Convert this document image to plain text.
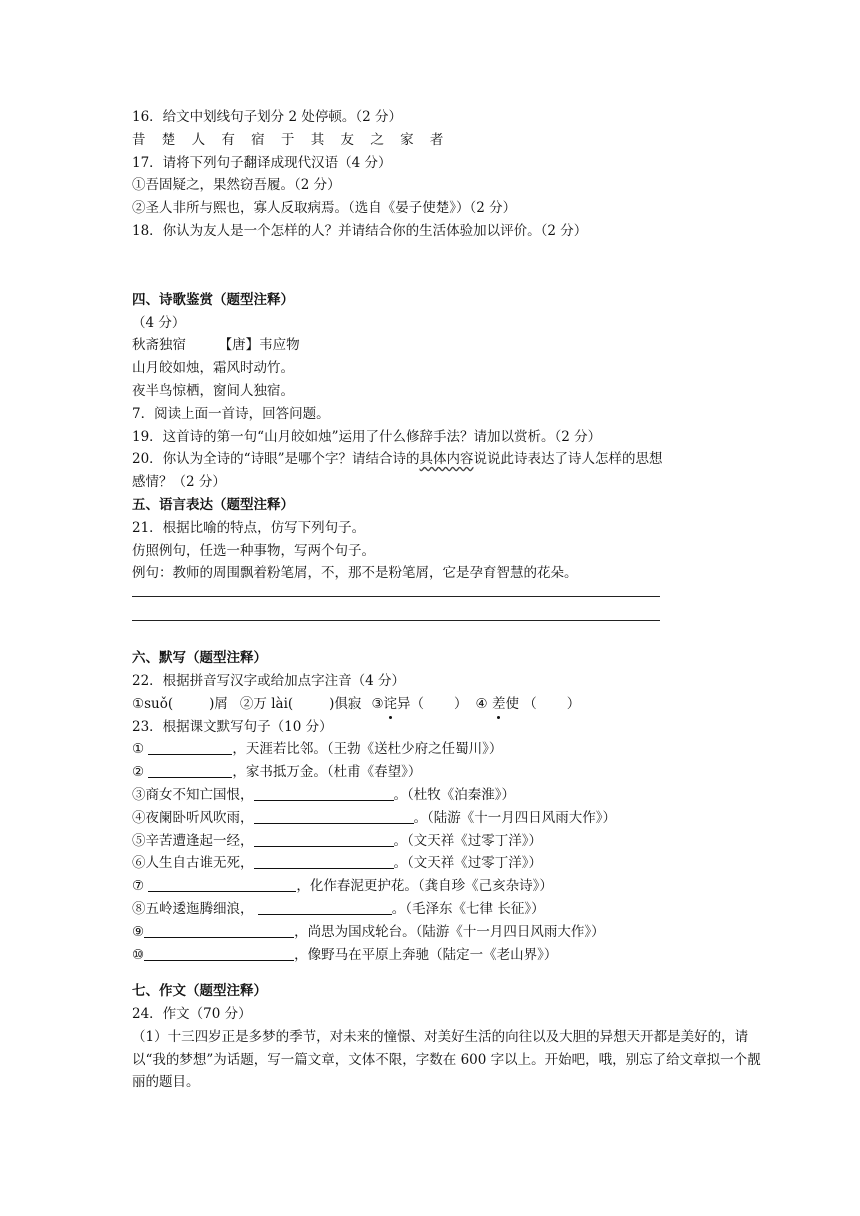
16．给文中划线句子划分 2 处停顿。（2 分）
昔 楚 人 有 宿 于 其 友 之 家 者
17．请将下列句子翻译成现代汉语（4 分）
①吾固疑之，果然窃吾履。（2 分）
②圣人非所与熙也，寡人反取病焉。（选自《晏子使楚》）（2 分）
18．你认为友人是一个怎样的人？并请结合你的生活体验加以评价。（2 分）
四、诗歌鉴赏（题型注释）
（4 分）
秋斋独宿 【唐】韦应物
山月皎如烛，霜风时动竹。
夜半鸟惊栖，窗间人独宿。
7．阅读上面一首诗，回答问题。
19．这首诗的第一句“山月皎如烛”运用了什么修辞手法？请加以赏析。（2 分）
20．你认为全诗的“诗眼”是哪个字？请结合诗的具体内容说说此诗表达了诗人怎样的思想
感情？（2 分）
五、语言表达（题型注释）
21．根据比喻的特点，仿写下列句子。
仿照例句，任选一种事物，写两个句子。
例句：教师的周围飘着粉笔屑，不，那不是粉笔屑，它是孕育智慧的花朵。
六、默写（题型注释）
22．根据拼音写汉字或给加点字注音（4 分）
①suǒ(	)屑 ②万 lài(	)俱寂 ③诧异（ ） ④ 差使 （ ）
23．根据课文默写句子（10 分）
①	，天涯若比邻。（王勃《送杜少府之任蜀川》）
②	，家书抵万金。（杜甫《春望》）
③商女不知亡国恨，	。（杜牧《泊秦淮》）
④夜阑卧听风吹雨，	。（陆游《十一月四日风雨大作》）
⑤辛苦遭逢起一经，	。（文天祥《过零丁洋》）
⑥人生自古谁无死，	。（文天祥《过零丁洋》）
⑦	，化作春泥更护花。（龚自珍《己亥杂诗》）
⑧五岭逶迤腾细浪，	。（毛泽东《七律 长征》）
⑨	，尚思为国戍轮台。（陆游《十一月四日风雨大作》）
⑩	，像野马在平原上奔驰（陆定一《老山界》）
七、作文（题型注释）
24．作文（70 分）
（1）十三四岁正是多梦的季节，对未来的憧憬、对美好生活的向往以及大胆的异想天开都是美好的，请以“我的梦想”为话题，写一篇文章，文体不限，字数在 600 字以上。开始吧，哦，别忘了给文章拟一个靓丽的题目。
